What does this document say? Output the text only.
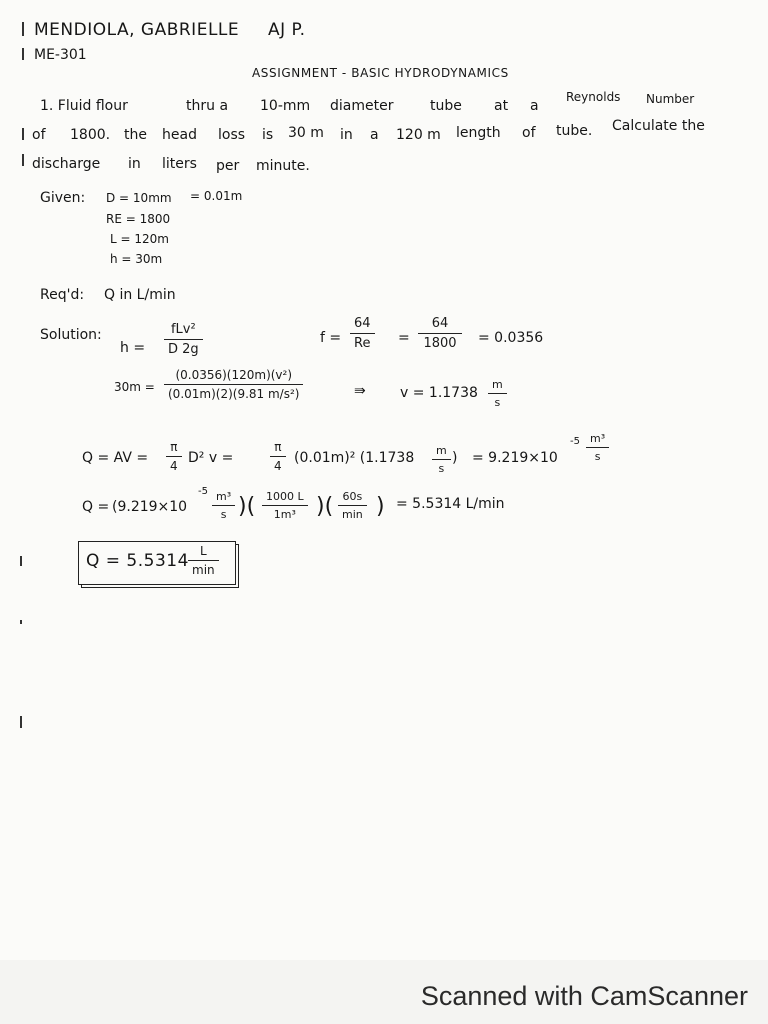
MENDIOLA, GABRIELLE AJ P.
ME-301
ASSIGNMENT - BASIC HYDRODYNAMICS
1. Fluid flour	thru a 10-mm diameter	tube at a
Reynolds Number
of 1800. the head loss is 30 m in a 120 m length of tube. Calculate the
discharge in liters per minute.
Given: D = 10mm = 0.01m
RE = 1800
L = 120m
h = 30m
Req'd: Q in L/min
Solution:
h =
fLv²
D 2g
f =
64
Re =
64
1800 = 0.0356
30m =
(0.0356)(120m)(v²)
(0.01m)(2)(9.81 m/s²)	⇛ v = 1.1738
m
s
Q = AV =
π
4 D² v =
π
4 (0.01m)² (1.1738	m
s
) = 9.219×10
-5 m³
s
Q = (9.219×10
-5 m³
s )( 1000 L
1m³ )( 60s
min ) = 5.5314 L/min
Q = 5.5314 L
min
Scanned with CamScanner
